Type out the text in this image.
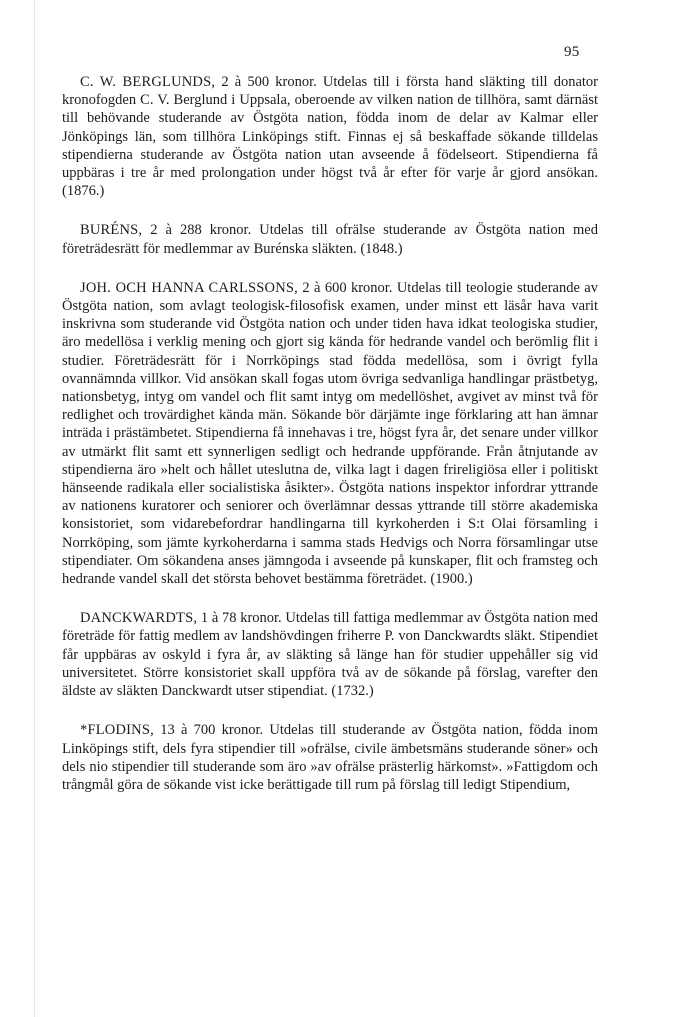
95

C. W. BERGLUNDS, 2 à 500 kronor. Utdelas till i första hand släkting till donator kronofogden C. V. Berglund i Uppsala, oberoende av vilken nation de tillhöra, samt därnäst till behövande studerande av Östgöta nation, födda inom de delar av Kalmar eller Jönköpings län, som tillhöra Linköpings stift. Finnas ej så beskaffade sökande tilldelas stipendierna studerande av Östgöta nation utan avseende å födelseort. Stipendierna få uppbäras i tre år med prolongation under högst två år efter för varje år gjord ansökan. (1876.)

BURÉNS, 2 à 288 kronor. Utdelas till ofrälse studerande av Östgöta nation med företrädesrätt för medlemmar av Burénska släkten. (1848.)

JOH. OCH HANNA CARLSSONS, 2 à 600 kronor. Utdelas till teologie studerande av Östgöta nation, som avlagt teologisk-filosofisk examen, under minst ett läsår hava varit inskrivna som studerande vid Östgöta nation och under tiden hava idkat teologiska studier, äro medellösa i verklig mening och gjort sig kända för hedrande vandel och berömlig flit i studier. Företrädesrätt för i Norrköpings stad födda medellösa, som i övrigt fylla ovannämnda villkor. Vid ansökan skall fogas utom övriga sedvanliga handlingar prästbetyg, nationsbetyg, intyg om vandel och flit samt intyg om medellöshet, avgivet av minst två för redlighet och trovärdighet kända män. Sökande bör därjämte inge förklaring att han ämnar inträda i prästämbetet. Stipendierna få innehavas i tre, högst fyra år, det senare under villkor av utmärkt flit samt ett synnerligen sedligt och hedrande uppförande. Från åtnjutande av stipendierna äro »helt och hållet uteslutna de, vilka lagt i dagen frireligiösa eller i politiskt hänseende radikala eller socialistiska åsikter». Östgöta nations inspektor infordrar yttrande av nationens kuratorer och seniorer och överlämnar dessas yttrande till större akademiska konsistoriet, som vidarebefordrar handlingarna till kyrkoherden i S:t Olai församling i Norrköping, som jämte kyrkoherdarna i samma stads Hedvigs och Norra församlingar utse stipendiater. Om sökandena anses jämngoda i avseende på kunskaper, flit och framsteg och hedrande vandel skall det största behovet bestämma företrädet. (1900.)

DANCKWARDTS, 1 à 78 kronor. Utdelas till fattiga medlemmar av Östgöta nation med företräde för fattig medlem av landshövdingen friherre P. von Danckwardts släkt. Stipendiet får uppbäras av oskyld i fyra år, av släkting så länge han för studier uppehåller sig vid universitetet. Större konsistoriet skall uppföra två av de sökande på förslag, varefter den äldste av släkten Danckwardt utser stipendiat. (1732.)

*FLODINS, 13 à 700 kronor. Utdelas till studerande av Östgöta nation, födda inom Linköpings stift, dels fyra stipendier till »ofrälse, civile ämbetsmäns studerande söner» och dels nio stipendier till studerande som äro »av ofrälse prästerlig härkomst». »Fattigdom och trångmål göra de sökande vist icke berättigade till rum på förslag till ledigt Stipendium,
